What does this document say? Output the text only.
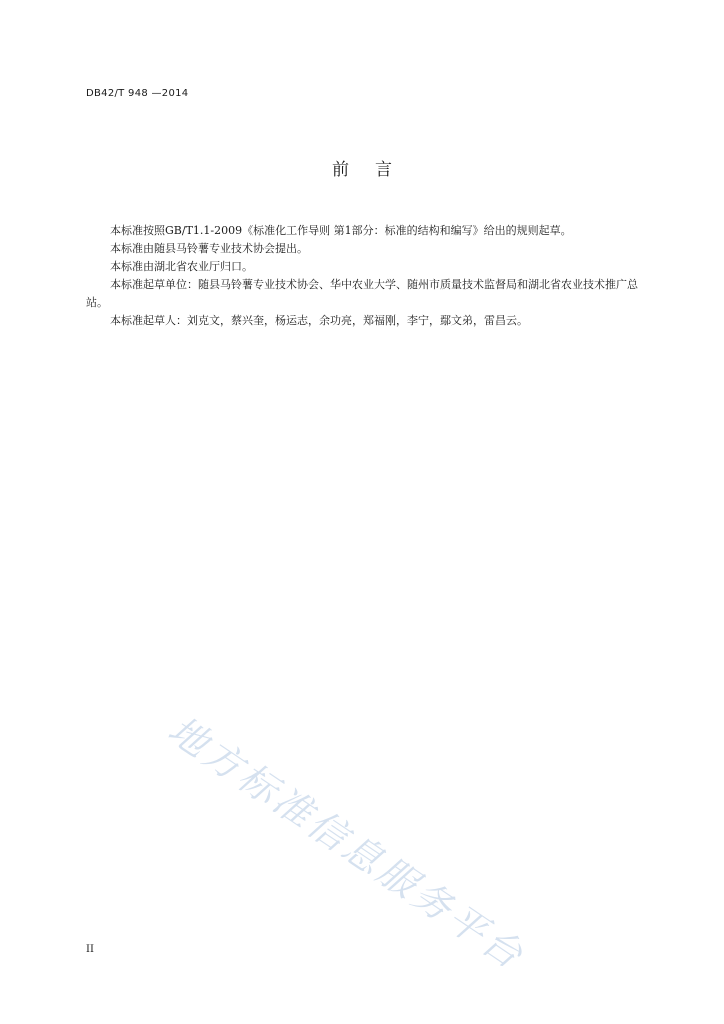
DB42/T 948 —2014
前言

本标准按照GB/T1.1-2009《标准化工作导则 第1部分：标准的结构和编写》给出的规则起草。

本标准由随县马铃薯专业技术协会提出。

本标准由湖北省农业厅归口。

本标准起草单位：随县马铃薯专业技术协会、华中农业大学、随州市质量技术监督局和湖北省农业技术推广总站。

本标准起草人：刘克文，蔡兴奎，杨运志，余功亮，郑福刚，李宁，鄢文弟，雷昌云。

地方标准信息服务平台
II
